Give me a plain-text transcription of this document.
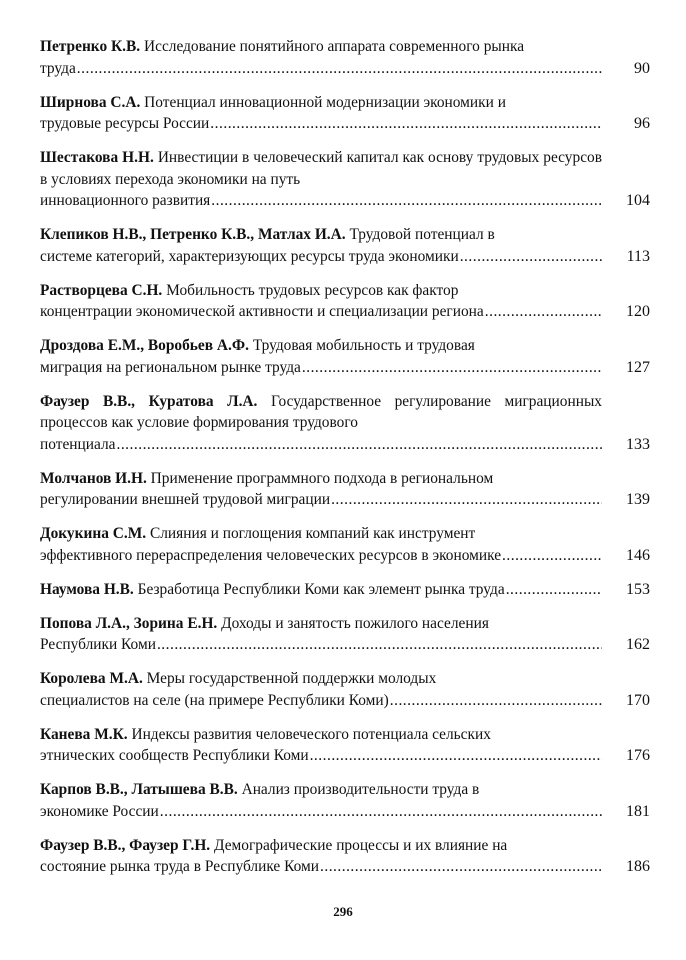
Петренко К.В. Исследование понятийного аппарата современного рынка
труда .....	90
Ширнова С.А. Потенциал инновационной модернизации экономики и
трудовые ресурсы России .....	96
Шестакова Н.Н. Инвестиции в человеческий капитал как основу трудовых ресурсов в условиях перехода экономики на путь
инновационного развития .....	104
Клепиков Н.В., Петренко К.В., Матлах И.А. Трудовой потенциал в
системе категорий, характеризующих ресурсы труда экономики .....	113
Растворцева С.Н. Мобильность трудовых ресурсов как фактор
концентрации экономической активности и специализации региона .....	120
Дроздова Е.М., Воробьев А.Ф. Трудовая мобильность и трудовая
миграция на региональном рынке труда .....	127
Фаузер В.В., Куратова Л.А. Государственное регулирование миграционных процессов как условие формирования трудового
потенциала .....	133
Молчанов И.Н. Применение программного подхода в региональном
регулировании внешней трудовой миграции .....	139
Докукина С.М. Слияния и поглощения компаний как инструмент
эффективного перераспределения человеческих ресурсов в экономике .....	146
Наумова Н.В.
Безработица Республики Коми как элемент рынка труда .....	153
Попова Л.А., Зорина Е.Н. Доходы и занятость пожилого населения
Республики Коми .....	162
Королева М.А. Меры государственной поддержки молодых
специалистов на селе (на примере Республики Коми) .....	170
Канева М.К. Индексы развития человеческого потенциала сельских
этнических сообществ Республики Коми .....	176
Карпов В.В., Латышева В.В. Анализ производительности труда в
экономике России .....	181
Фаузер В.В., Фаузер Г.Н. Демографические процессы и их влияние на
состояние рынка труда в Республике Коми .....	186
296
